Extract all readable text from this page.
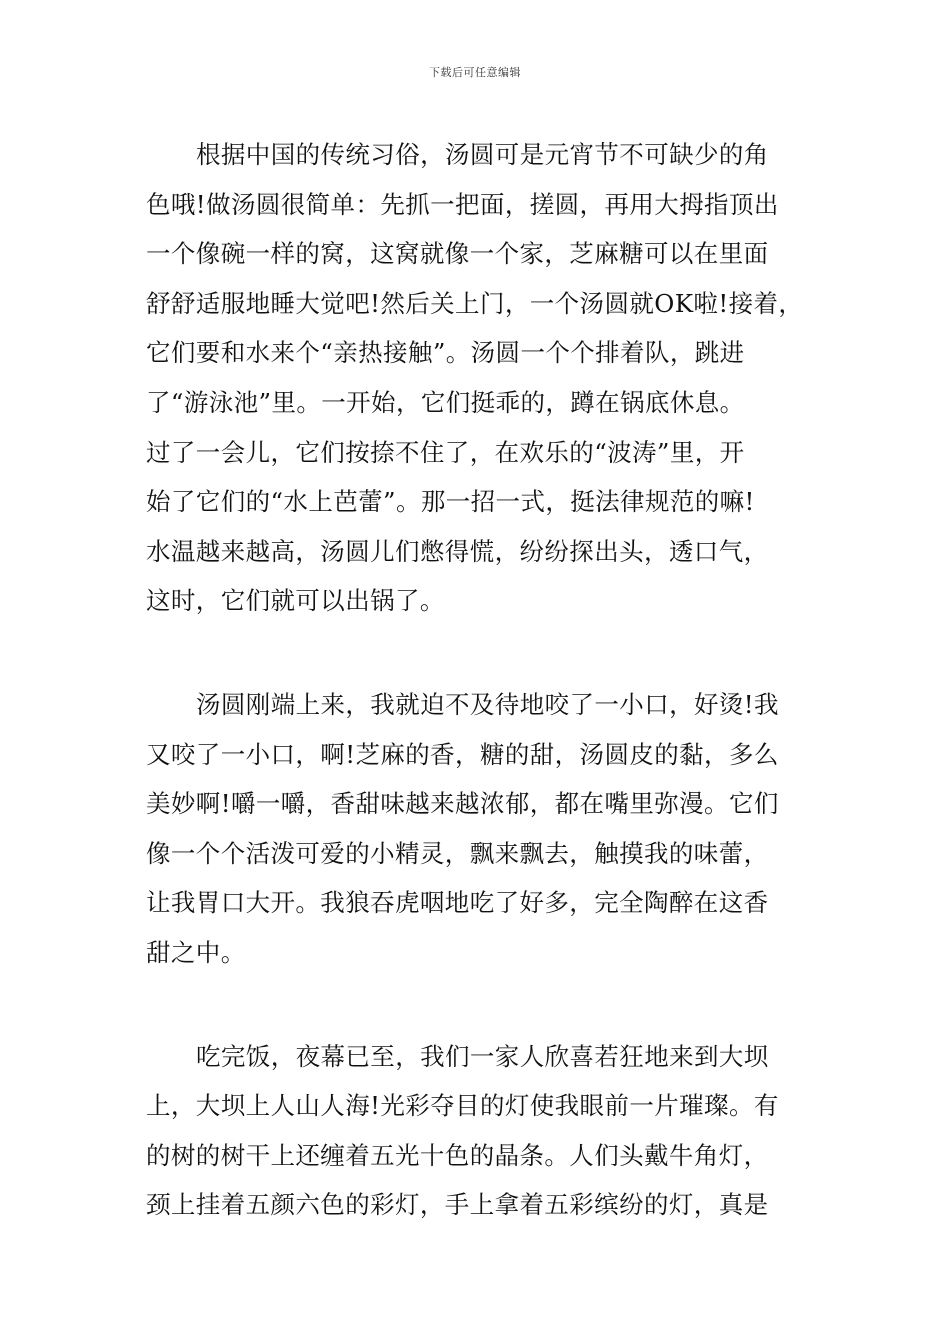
下载后可任意编辑
根据中国的传统习俗，汤圆可是元宵节不可缺少的角
色哦!做汤圆很简单：先抓一把面，搓圆，再用大拇指顶出
一个像碗一样的窝，这窝就像一个家，芝麻糖可以在里面
舒舒适服地睡大觉吧!然后关上门，一个汤圆就OK啦!接着，
它们要和水来个“亲热接触”。汤圆一个个排着队，跳进
了“游泳池”里。一开始，它们挺乖的，蹲在锅底休息。
过了一会儿，它们按捺不住了，在欢乐的“波涛”里，开
始了它们的“水上芭蕾”。那一招一式，挺法律规范的嘛!
水温越来越高，汤圆儿们憋得慌，纷纷探出头，透口气，
这时，它们就可以出锅了。
汤圆刚端上来，我就迫不及待地咬了一小口，好烫!我
又咬了一小口，啊!芝麻的香，糖的甜，汤圆皮的黏，多么
美妙啊!嚼一嚼，香甜味越来越浓郁，都在嘴里弥漫。它们
像一个个活泼可爱的小精灵，飘来飘去，触摸我的味蕾，
让我胃口大开。我狼吞虎咽地吃了好多，完全陶醉在这香
甜之中。
吃完饭，夜幕已至，我们一家人欣喜若狂地来到大坝
上，大坝上人山人海!光彩夺目的灯使我眼前一片璀璨。有
的树的树干上还缠着五光十色的晶条。人们头戴牛角灯，
颈上挂着五颜六色的彩灯，手上拿着五彩缤纷的灯，真是
